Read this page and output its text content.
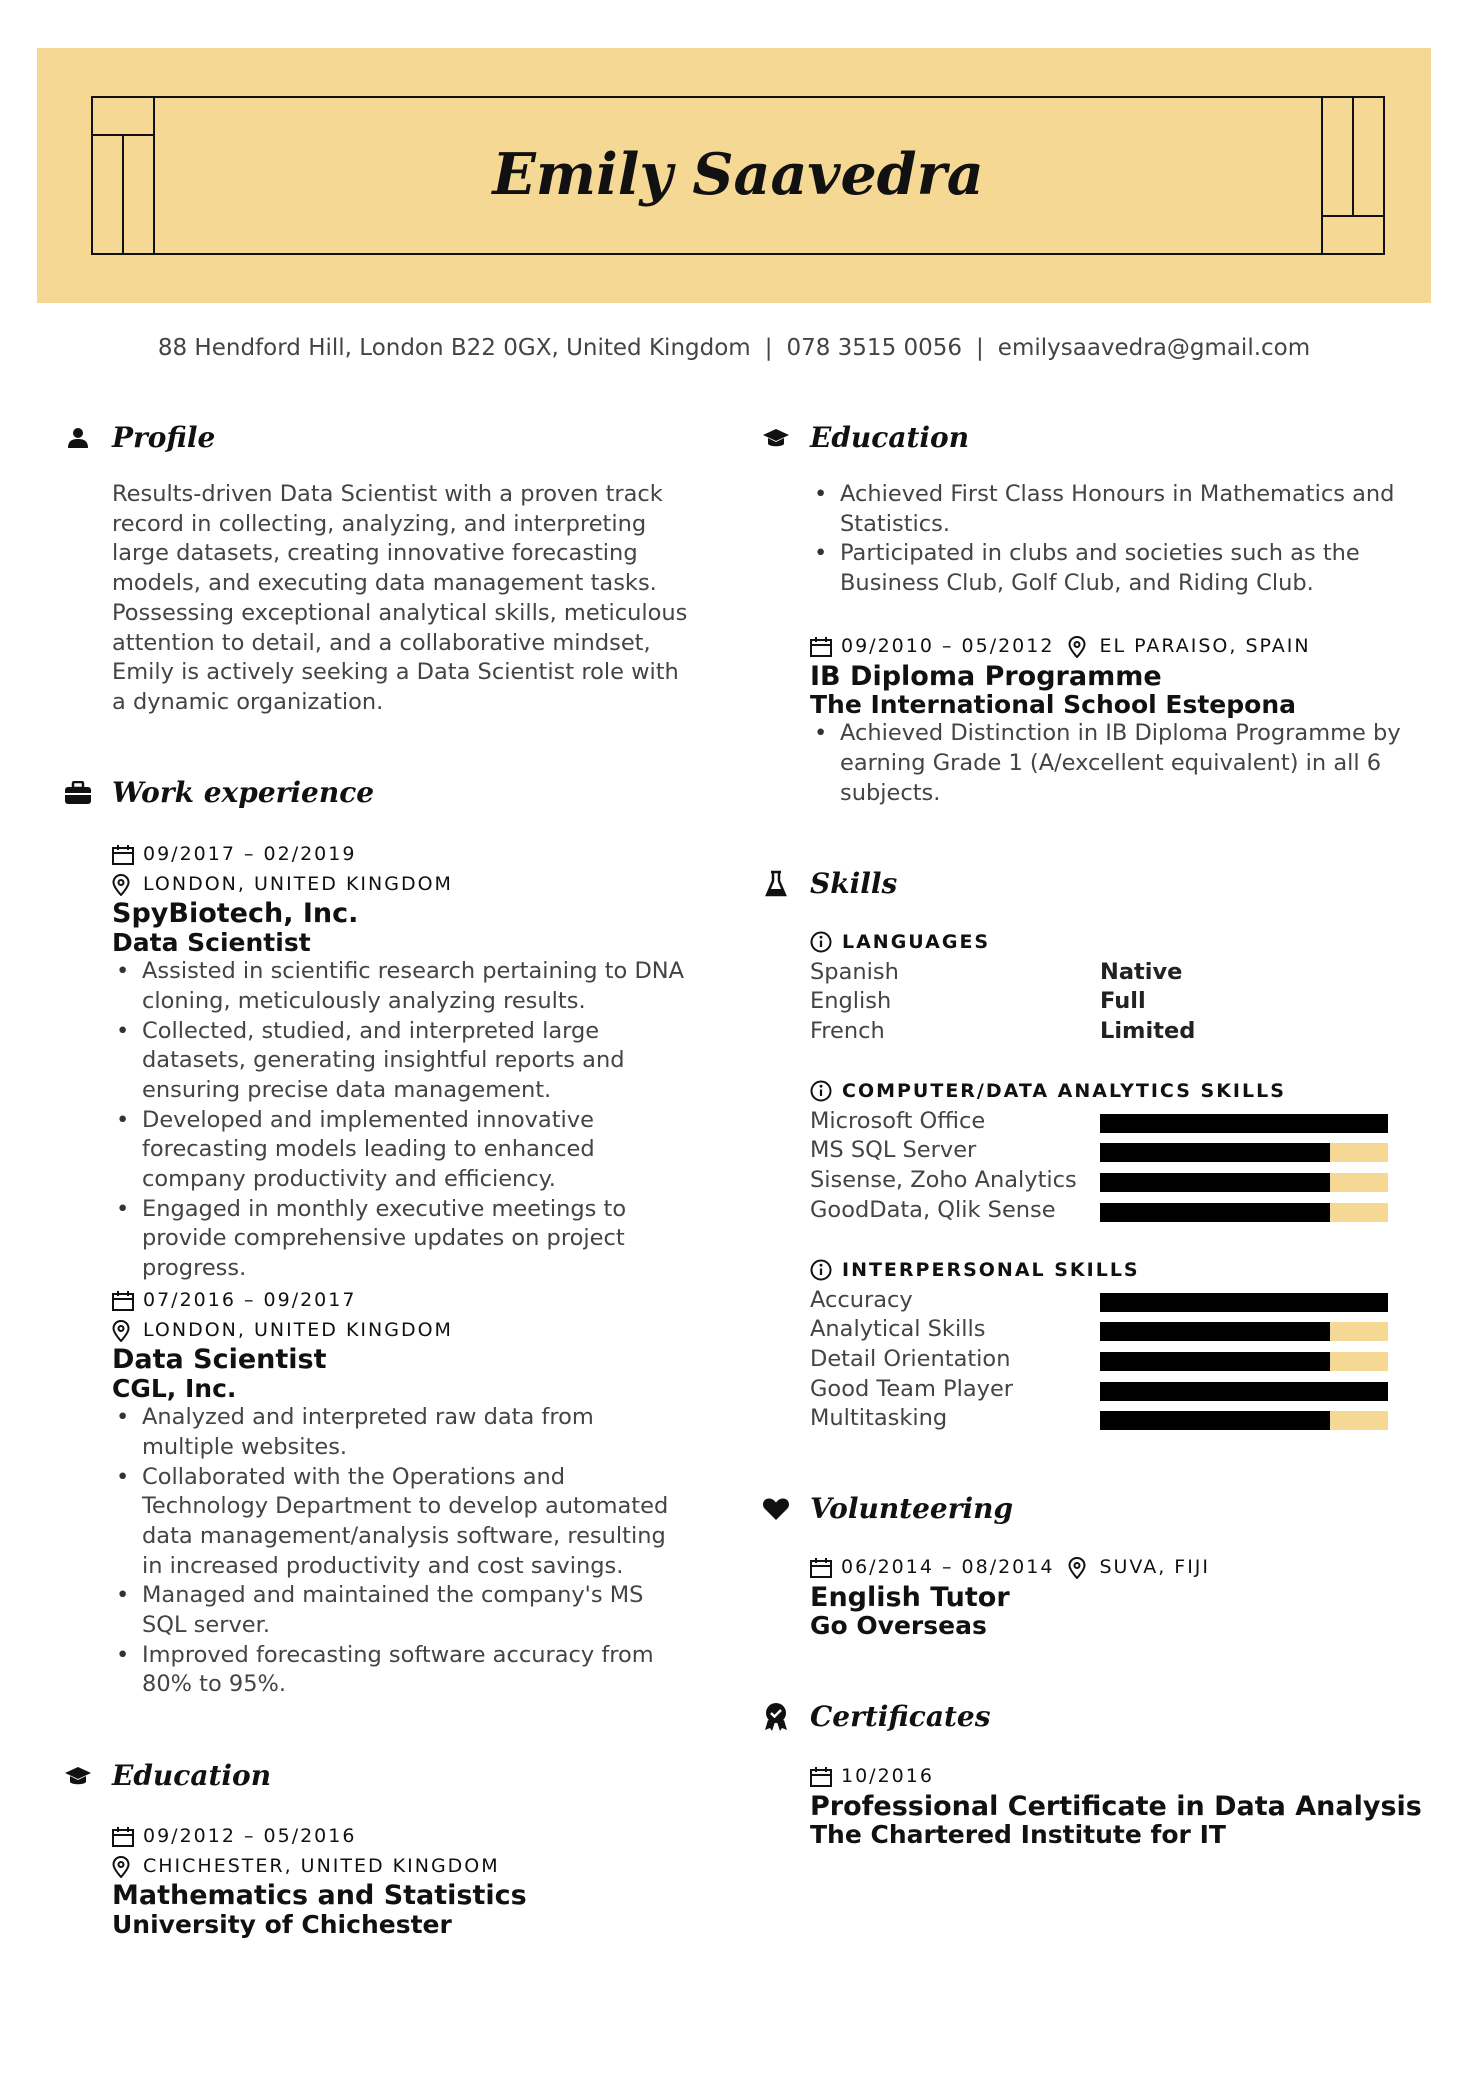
Emily Saavedra
88 Hendford Hill, London B22 0GX, United Kingdom | 078 3515 0056 | emilysaavedra@gmail.com
Profile

Results-driven Data Scientist with a proven track record in collecting, analyzing, and interpreting large datasets, creating innovative forecasting models, and executing data management tasks. Possessing exceptional analytical skills, meticulous attention to detail, and a collaborative mindset, Emily is actively seeking a Data Scientist role with a dynamic organization.

Work experience
09/2017 – 02/2019
LONDON, UNITED KINGDOM
SpyBiotech, Inc.
Data Scientist
• Assisted in scientific research pertaining to DNA cloning, meticulously analyzing results.
• Collected, studied, and interpreted large datasets, generating insightful reports and ensuring precise data management.
• Developed and implemented innovative forecasting models leading to enhanced company productivity and efficiency.
• Engaged in monthly executive meetings to provide comprehensive updates on project progress.
07/2016 – 09/2017
LONDON, UNITED KINGDOM
Data Scientist
CGL, Inc.
• Analyzed and interpreted raw data from multiple websites.
• Collaborated with the Operations and Technology Department to develop automated data management/analysis software, resulting in increased productivity and cost savings.
• Managed and maintained the company's MS SQL server.
• Improved forecasting software accuracy from 80% to 95%.
Education
09/2012 – 05/2016
CHICHESTER, UNITED KINGDOM
Mathematics and Statistics
University of Chichester
Education
• Achieved First Class Honours in Mathematics and Statistics.
• Participated in clubs and societies such as the Business Club, Golf Club, and Riding Club.
09/2010 – 05/2012 EL PARAISO, SPAIN
IB Diploma Programme
The International School Estepona
• Achieved Distinction in IB Diploma Programme by earning Grade 1 (A/excellent equivalent) in all 6 subjects.
Skills
LANGUAGES
Spanish	Native
English	Full
French	Limited
COMPUTER/DATA ANALYTICS SKILLS
Microsoft Office
MS SQL Server
Sisense, Zoho Analytics
GoodData, Qlik Sense
INTERPERSONAL SKILLS
Accuracy
Analytical Skills
Detail Orientation
Good Team Player
Multitasking
Volunteering
06/2014 – 08/2014 SUVA, FIJI
English Tutor
Go Overseas
Certificates
10/2016
Professional Certificate in Data Analysis
The Chartered Institute for IT
